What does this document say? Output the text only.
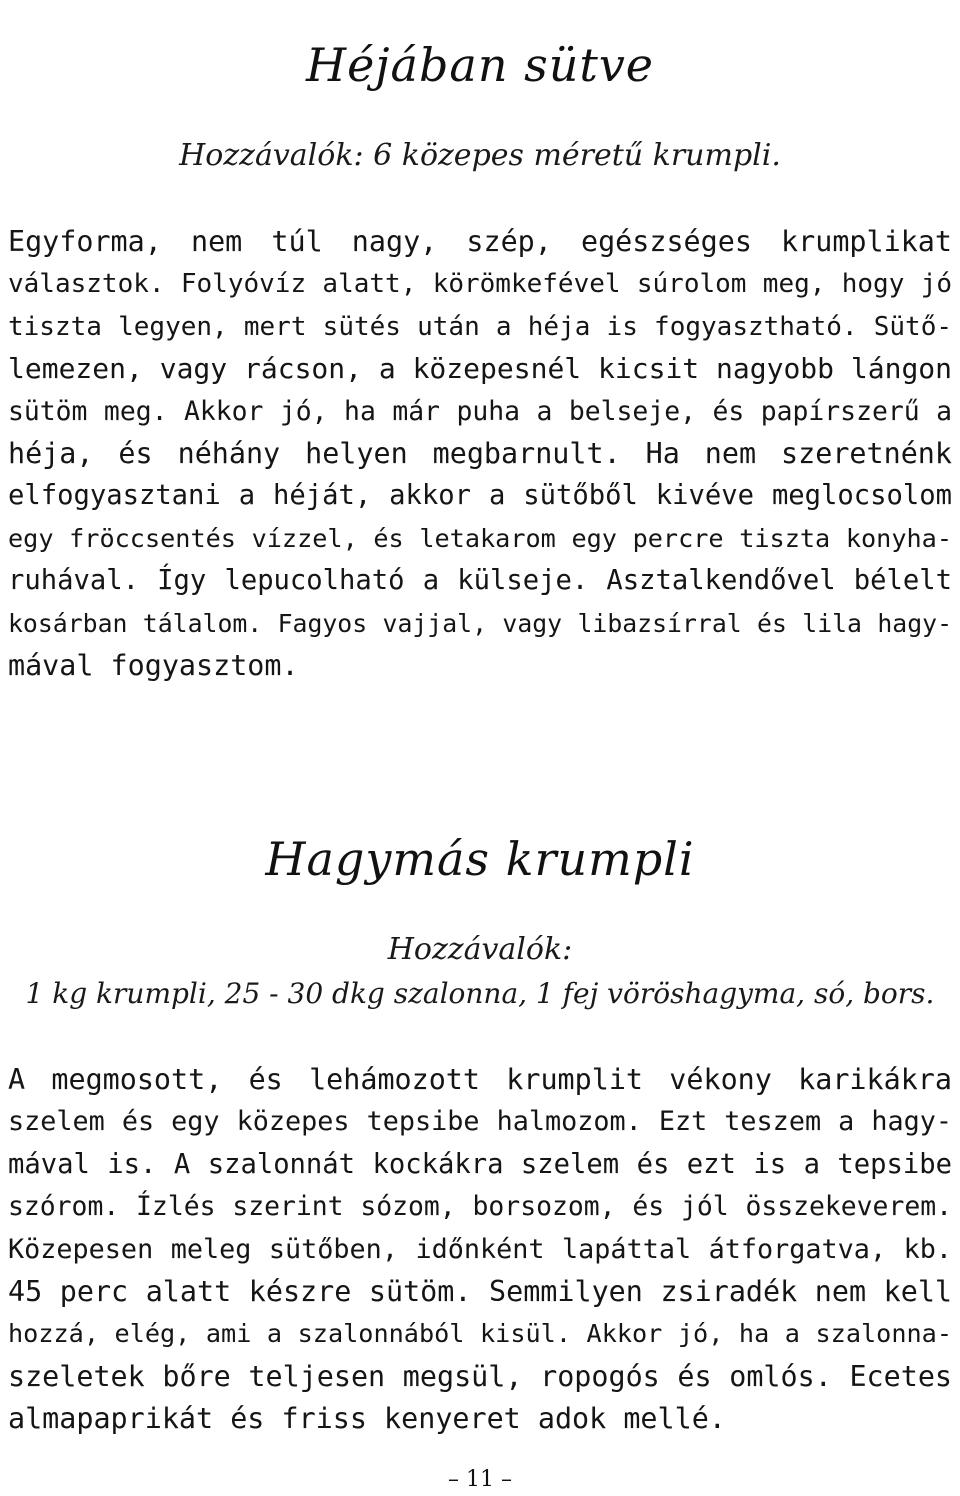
Héjában sütve
Hozzávalók: 6 közepes méretű krumpli.
Egyforma, nem túl nagy, szép, egészséges krumplikat
választok. Folyóvíz alatt, körömkefével súrolom meg, hogy jó
tiszta legyen, mert sütés után a héja is fogyasztható. Sütő-
lemezen, vagy rácson, a közepesnél kicsit nagyobb lángon
sütöm meg. Akkor jó, ha már puha a belseje, és papírszerű a
héja, és néhány helyen megbarnult. Ha nem szeretnénk
elfogyasztani a héját, akkor a sütőből kivéve meglocsolom
egy fröccsentés vízzel, és letakarom egy percre tiszta konyha-
ruhával. Így lepucolható a külseje. Asztalkendővel bélelt
kosárban tálalom. Fagyos vajjal, vagy libazsírral és lila hagy-
mával fogyasztom.
Hagymás krumpli
Hozzávalók:
1 kg krumpli, 25 - 30 dkg szalonna, 1 fej vöröshagyma, só, bors.
A megmosott, és lehámozott krumplit vékony karikákra
szelem és egy közepes tepsibe halmozom. Ezt teszem a hagy-
mával is. A szalonnát kockákra szelem és ezt is a tepsibe
szórom. Ízlés szerint sózom, borsozom, és jól összekeverem.
Közepesen meleg sütőben, időnként lapáttal átforgatva, kb.
45 perc alatt készre sütöm. Semmilyen zsiradék nem kell
hozzá, elég, ami a szalonnából kisül. Akkor jó, ha a szalonna-
szeletek bőre teljesen megsül, ropogós és omlós. Ecetes
almapaprikát és friss kenyeret adok mellé.
– 11 –
